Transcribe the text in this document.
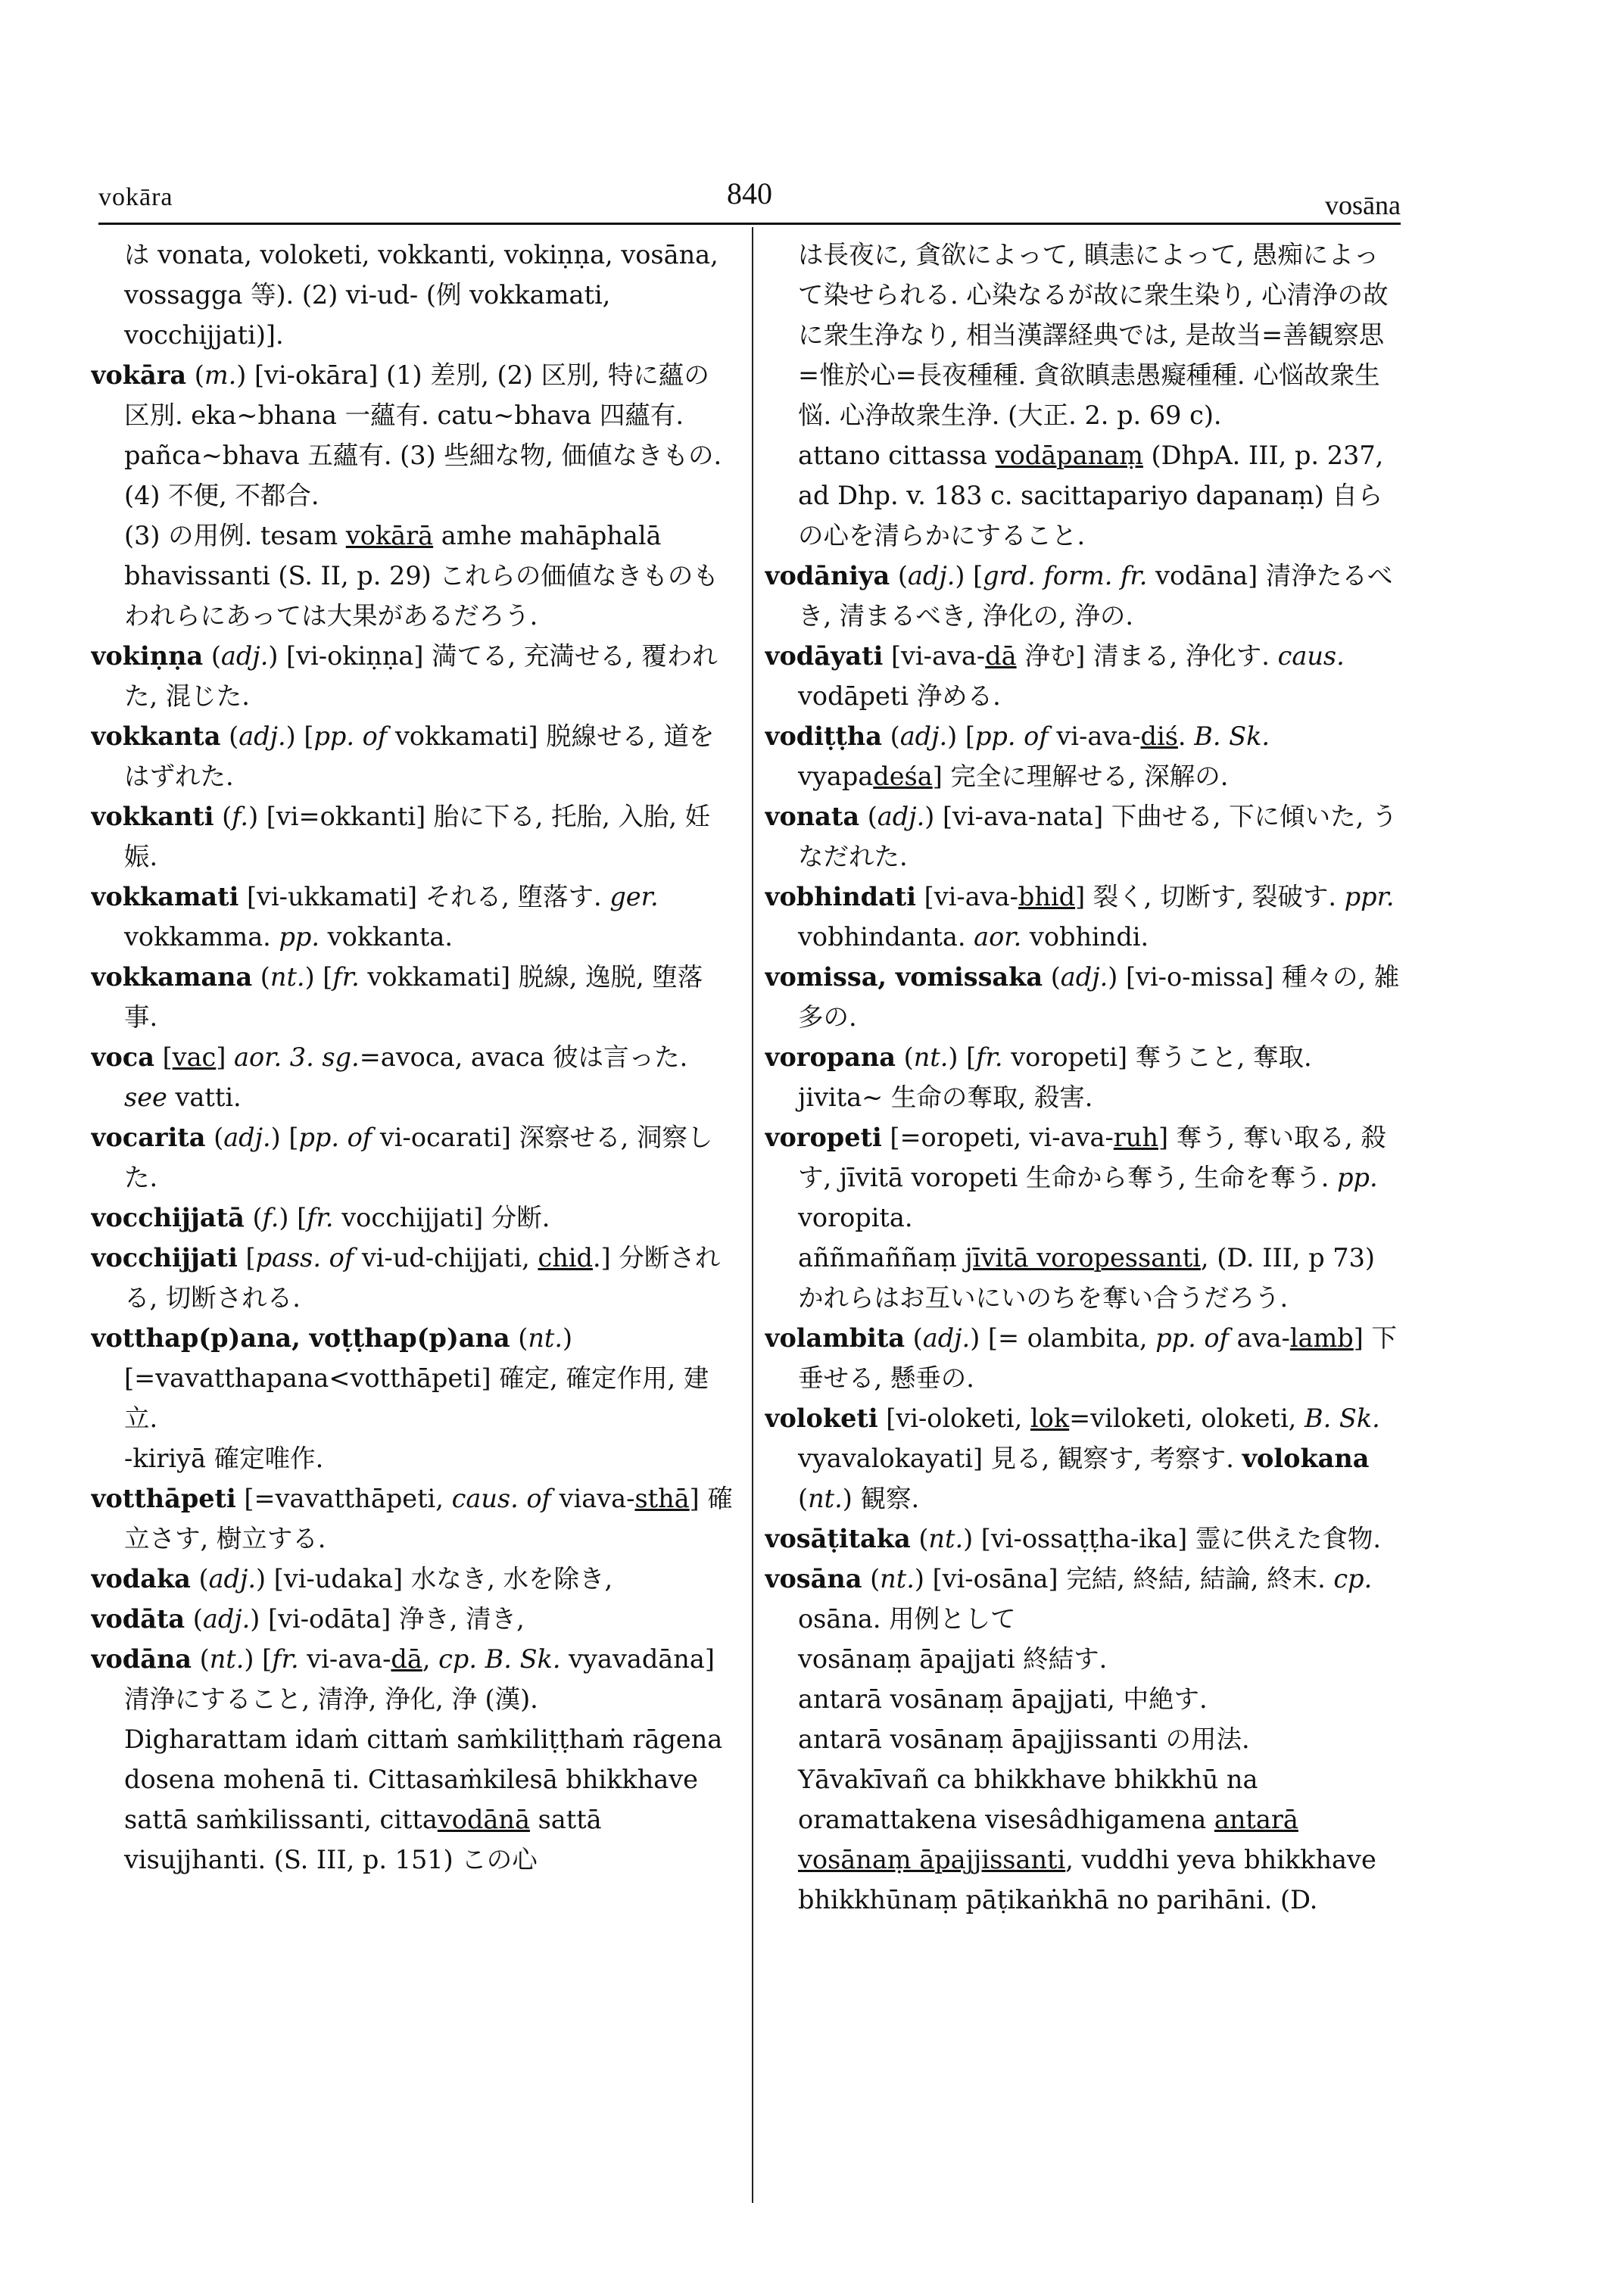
vokāra	840	vosāna

は vonata, voloketi, vokkanti, vokiṇṇa, vosāna, vossagga 等). (2) vi-ud- (例 vokkamati, vocchijjati)].

vokāra (m.) [vi-okāra] (1) 差別, (2) 区別, 特に蘊の区別. eka~bhana 一蘊有. catu~bhava 四蘊有. pañca~bhava 五蘊有. (3) 些細な物, 価値なきもの. (4) 不便, 不都合.

(3) の用例. tesam vokārā amhe mahāphalā bhavissanti (S. II, p. 29) これらの価値なきものもわれらにあっては大果があるだろう.

vokiṇṇa (adj.) [vi-okiṇṇa] 満てる, 充満せる, 覆われた, 混じた.

vokkanta (adj.) [pp. of vokkamati] 脱線せる, 道をはずれた.

vokkanti (f.) [vi=okkanti] 胎に下る, 托胎, 入胎, 妊娠.

vokkamati [vi-ukkamati] それる, 堕落す. ger. vokkamma. pp. vokkanta.

vokkamana (nt.) [fr. vokkamati] 脱線, 逸脱, 堕落事.

voca [vac] aor. 3. sg.=avoca, avaca 彼は言った. see vatti.

vocarita (adj.) [pp. of vi-ocarati] 深察せる, 洞察した.

vocchijjatā (f.) [fr. vocchijjati] 分断.

vocchijjati [pass. of vi-ud-chijjati, chid.] 分断される, 切断される.

votthap(p)ana, voṭṭhap(p)ana (nt.) [=vavatthapana<votthāpeti] 確定, 確定作用, 建立.

-kiriyā 確定唯作.

votthāpeti [=vavatthāpeti, caus. of viava-sthā] 確立さす, 樹立する.

vodaka (adj.) [vi-udaka] 水なき, 水を除き,

vodāta (adj.) [vi-odāta] 浄き, 清き,

vodāna (nt.) [fr. vi-ava-dā, cp. B. Sk. vyavadāna] 清浄にすること, 清浄, 浄化, 浄 (漢).

Digharattam idaṁ cittaṁ saṁkiliṭṭhaṁ rāgena dosena mohenā ti. Cittasaṁkilesā bhikkhave sattā saṁkilissanti, cittavodānā sattā visujjhanti. (S. III, p. 151) この心

は長夜に, 貪欲によって, 瞋恚によって, 愚痴によって染せられる. 心染なるが故に衆生染り, 心清浄の故に衆生浄なり, 相当漢譯経典では, 是故当=善観察思=惟於心=長夜種種. 貪欲瞋恚愚癡種種. 心悩故衆生悩. 心浄故衆生浄. (大正. 2. p. 69 c).

attano cittassa vodāpanaṃ (DhpA. III, p. 237, ad Dhp. v. 183 c. sacittapariyo dapanaṃ) 自らの心を清らかにすること.

vodāniya (adj.) [grd. form. fr. vodāna] 清浄たるべき, 清まるべき, 浄化の, 浄の.

vodāyati [vi-ava-dā 浄む] 清まる, 浄化す. caus. vodāpeti 浄める.

vodiṭṭha (adj.) [pp. of vi-ava-diś. B. Sk. vyapadeśa] 完全に理解せる, 深解の.

vonata (adj.) [vi-ava-nata] 下曲せる, 下に傾いた, うなだれた.

vobhindati [vi-ava-bhid] 裂く, 切断す, 裂破す. ppr. vobhindanta. aor. vobhindi.

vomissa, vomissaka (adj.) [vi-o-missa] 種々の, 雑多の.

voropana (nt.) [fr. voropeti] 奪うこと, 奪取. jivita~ 生命の奪取, 殺害.

voropeti [=oropeti, vi-ava-ruh] 奪う, 奪い取る, 殺す, jīvitā voropeti 生命から奪う, 生命を奪う. pp. voropita.

aññmaññaṃ jīvitā voropessanti, (D. III, p 73) かれらはお互いにいのちを奪い合うだろう.

volambita (adj.) [= olambita, pp. of ava-lamb] 下垂せる, 懸垂の.

voloketi [vi-oloketi, lok=viloketi, oloketi, B. Sk. vyavalokayati] 見る, 観察す, 考察す. volokana (nt.) 観察.

vosāṭitaka (nt.) [vi-ossaṭṭha-ika] 霊に供えた食物.

vosāna (nt.) [vi-osāna] 完結, 終結, 結論, 終末. cp. osāna. 用例として

vosānaṃ āpajjati 終結す.

antarā vosānaṃ āpajjati, 中絶す.

antarā vosānaṃ āpajjissanti の用法.

Yāvakīvañ ca bhikkhave bhikkhū na oramattakena visesâdhigamena antarā vosānaṃ āpajjissanti, vuddhi yeva bhikkhave bhikkhūnaṃ pāṭikaṅkhā no parihāni. (D.
